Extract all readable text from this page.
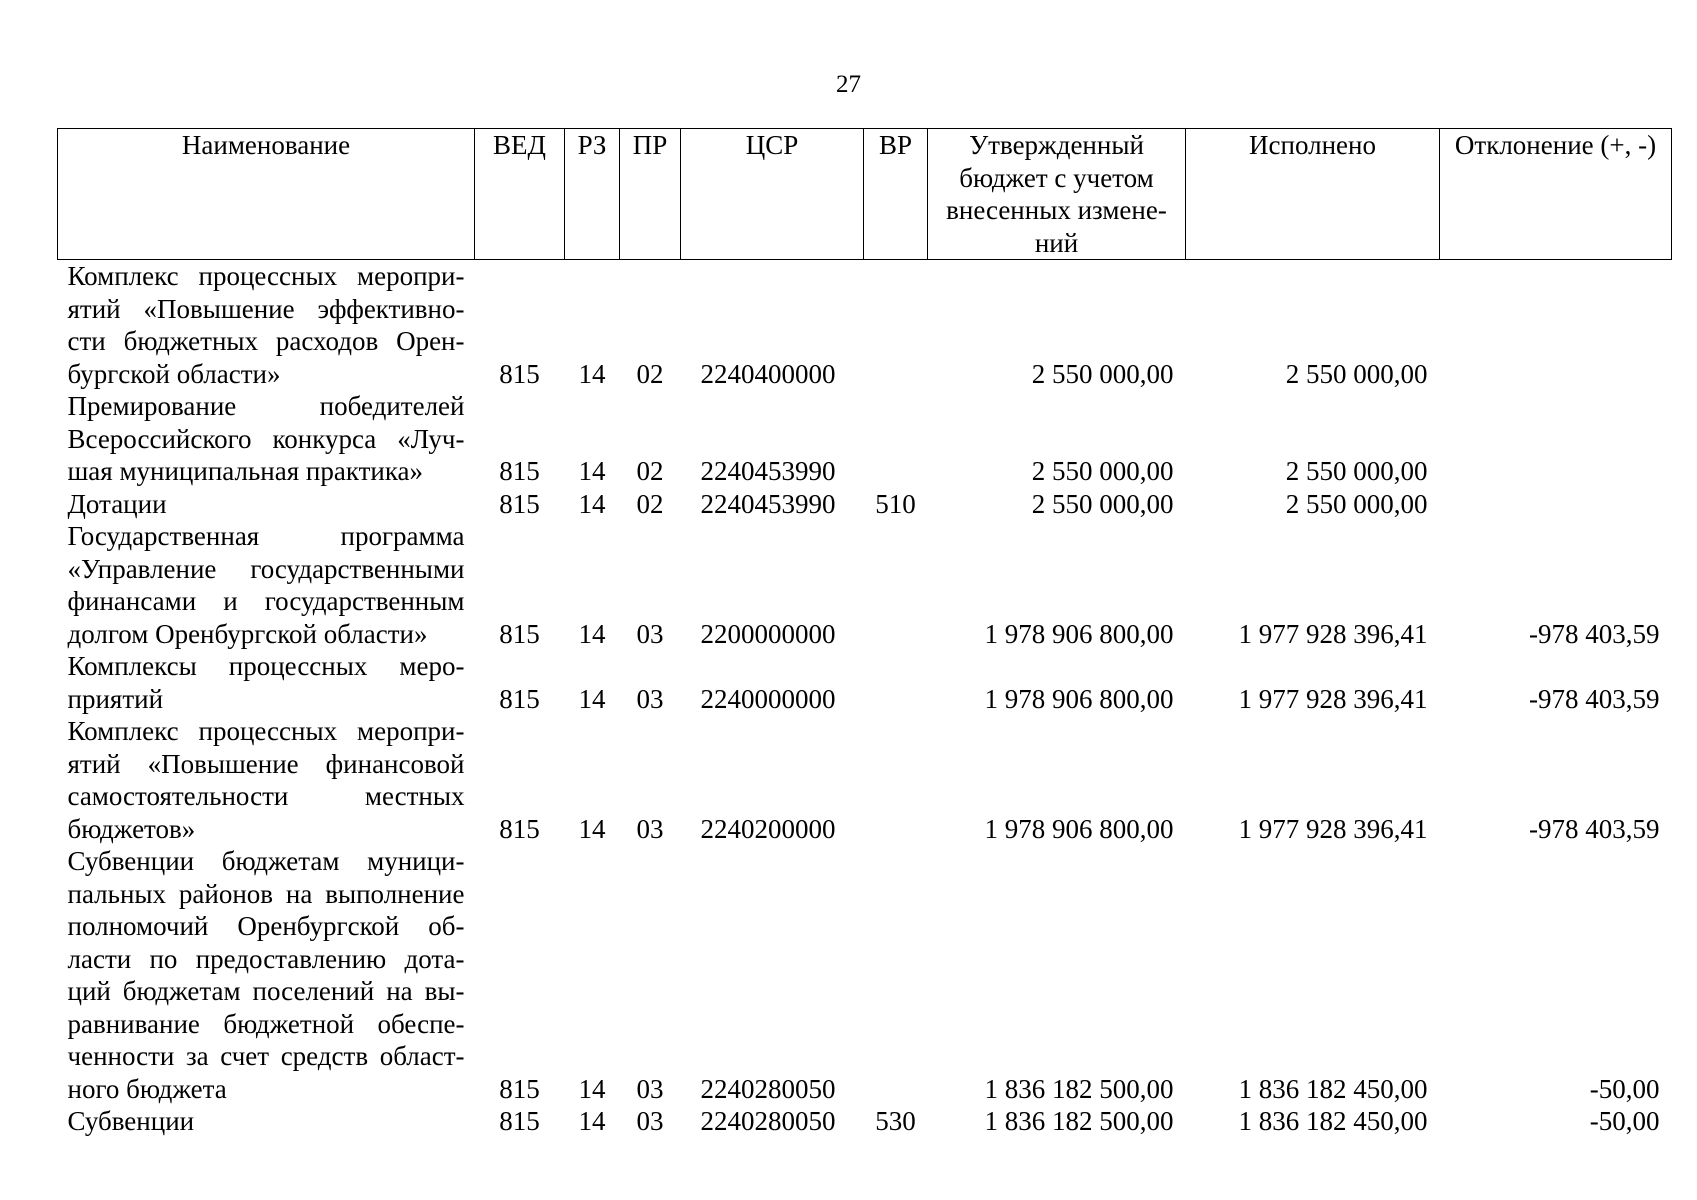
27
Наименование	ВЕД	РЗ	ПР	ЦСР	ВР	Утвержденный бюджет с учетом внесенных измене-ний	Исполнено	Отклонение (+, -)
Комплекс процессных меропри-ятий «Повышение эффективно-сти бюджетных расходов Орен-бургской области»	815	14	02	2240400000		2 550 000,00	2 550 000,00	
Премирование победителей Всероссийского конкурса «Луч-шая муниципальная практика»	815	14	02	2240453990		2 550 000,00	2 550 000,00	
Дотации	815	14	02	2240453990	510	2 550 000,00	2 550 000,00	
Государственная программа «Управление государственными финансами и государственным долгом Оренбургской области»	815	14	03	2200000000		1 978 906 800,00	1 977 928 396,41	-978 403,59
Комплексы процессных меро-приятий	815	14	03	2240000000		1 978 906 800,00	1 977 928 396,41	-978 403,59
Комплекс процессных меропри-ятий «Повышение финансовой самостоятельности местных бюджетов»	815	14	03	2240200000		1 978 906 800,00	1 977 928 396,41	-978 403,59
Субвенции бюджетам муници-пальных районов на выполнение полномочий Оренбургской об-ласти по предоставлению дота-ций бюджетам поселений на вы-равнивание бюджетной обеспе-ченности за счет средств област-ного бюджета	815	14	03	2240280050		1 836 182 500,00	1 836 182 450,00	-50,00
Субвенции	815	14	03	2240280050	530	1 836 182 500,00	1 836 182 450,00	-50,00
